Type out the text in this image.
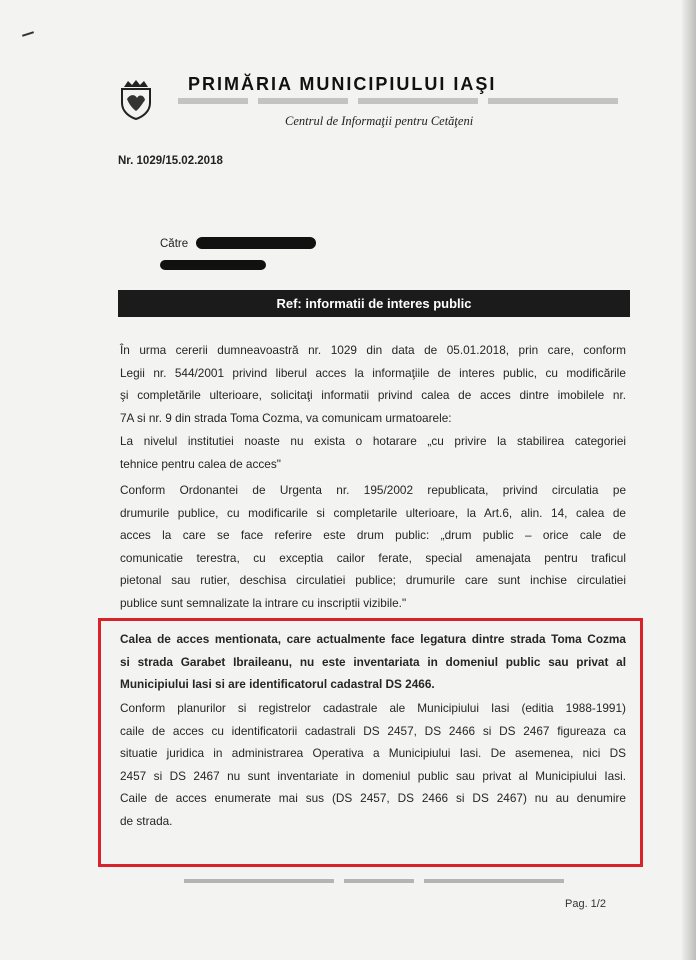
PRIMĂRIA MUNICIPIULUI IAŞI
Centrul de Informaţii pentru Cetăţeni
Nr. 1029/15.02.2018
Către
Ref: informatii de interes public
În urma cererii dumneavoastră nr. 1029 din data de 05.01.2018, prin care, conform
Legii nr. 544/2001 privind liberul acces la informaţiile de interes public, cu modificările
şi completările ulterioare, solicitaţi informatii privind calea de acces dintre imobilele nr.
7A si nr. 9 din strada Toma Cozma, va comunicam urmatoarele:
La nivelul institutiei noaste nu exista o hotarare „cu privire la stabilirea categoriei
tehnice pentru calea de acces"
Conform Ordonantei de Urgenta nr. 195/2002 republicata, privind circulatia pe
drumurile publice, cu modificarile si completarile ulterioare, la Art.6, alin. 14, calea de
acces la care se face referire este drum public: „drum public – orice cale de
comunicatie terestra, cu exceptia cailor ferate, special amenajata pentru traficul
pietonal sau rutier, deschisa circulatiei publice; drumurile care sunt inchise circulatiei
publice sunt semnalizate la intrare cu inscriptii vizibile."
Calea de acces mentionata, care actualmente face legatura dintre strada Toma Cozma
si strada Garabet Ibraileanu, nu este inventariata in domeniul public sau privat al
Municipiului Iasi si are identificatorul cadastral DS 2466.
Conform planurilor si registrelor cadastrale ale Municipiului Iasi (editia 1988-1991)
caile de acces cu identificatorii cadastrali DS 2457, DS 2466 si DS 2467 figureaza ca
situatie juridica in administrarea Operativa a Municipiului Iasi. De asemenea, nici DS
2457 si DS 2467 nu sunt inventariate in domeniul public sau privat al Municipiului Iasi.
Caile de acces enumerate mai sus (DS 2457, DS 2466 si DS 2467) nu au denumire
de strada.
Pag. 1/2
